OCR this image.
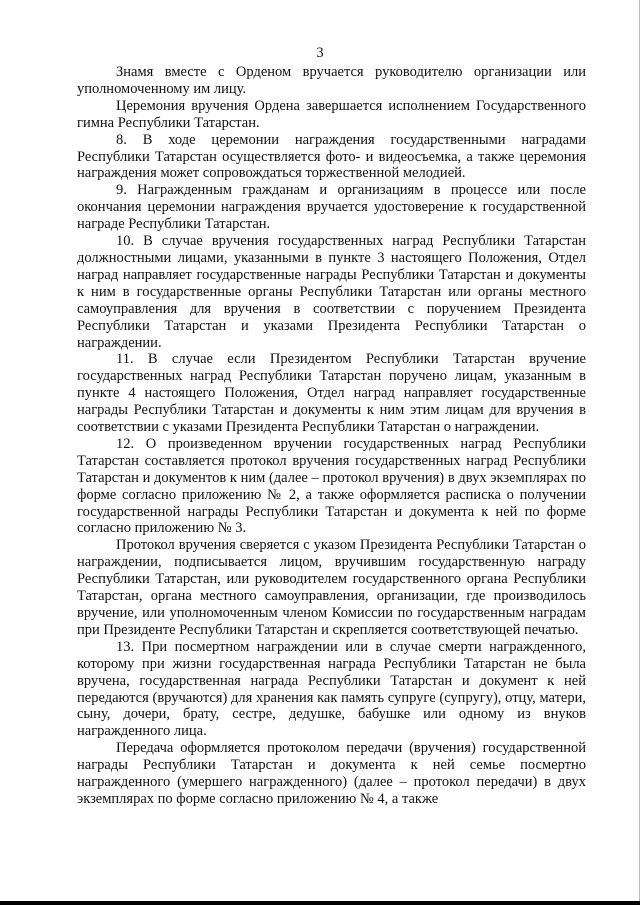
3

Знамя вместе с Орденом вручается руководителю организации или уполномоченному им лицу.

Церемония вручения Ордена завершается исполнением Государственного гимна Республики Татарстан.

8. В ходе церемонии награждения государственными наградами Республики Татарстан осуществляется фото- и видеосъемка, а также церемония награждения может сопровождаться торжественной мелодией.

9. Награжденным гражданам и организациям в процессе или после окончания церемонии награждения вручается удостоверение к государственной награде Республики Татарстан.

10. В случае вручения государственных наград Республики Татарстан должностными лицами, указанными в пункте 3 настоящего Положения, Отдел наград направляет государственные награды Республики Татарстан и документы к ним в государственные органы Республики Татарстан или органы местного самоуправления для вручения в соответствии с поручением Президента Республики Татарстан и указами Президента Республики Татарстан о награждении.

11. В случае если Президентом Республики Татарстан вручение государственных наград Республики Татарстан поручено лицам, указанным в пункте 4 настоящего Положения, Отдел наград направляет государственные награды Республики Татарстан и документы к ним этим лицам для вручения в соответствии с указами Президента Республики Татарстан о награждении.

12. О произведенном вручении государственных наград Республики Татарстан составляется протокол вручения государственных наград Республики Татарстан и документов к ним (далее – протокол вручения) в двух экземплярах по форме согласно приложению № 2, а также оформляется расписка о получении государственной награды Республики Татарстан и документа к ней по форме согласно приложению № 3.

Протокол вручения сверяется с указом Президента Республики Татарстан о награждении, подписывается лицом, вручившим государственную награду Республики Татарстан, или руководителем государственного органа Республики Татарстан, органа местного самоуправления, организации, где производилось вручение, или уполномоченным членом Комиссии по государственным наградам при Президенте Республики Татарстан и скрепляется соответствующей печатью.

13. При посмертном награждении или в случае смерти награжденного, которому при жизни государственная награда Республики Татарстан не была вручена, государственная награда Республики Татарстан и документ к ней передаются (вручаются) для хранения как память супруге (супругу), отцу, матери, сыну, дочери, брату, сестре, дедушке, бабушке или одному из внуков награжденного лица.

Передача оформляется протоколом передачи (вручения) государственной награды Республики Татарстан и документа к ней семье посмертно награжденного (умершего награжденного) (далее – протокол передачи) в двух экземплярах по форме согласно приложению № 4, а также
